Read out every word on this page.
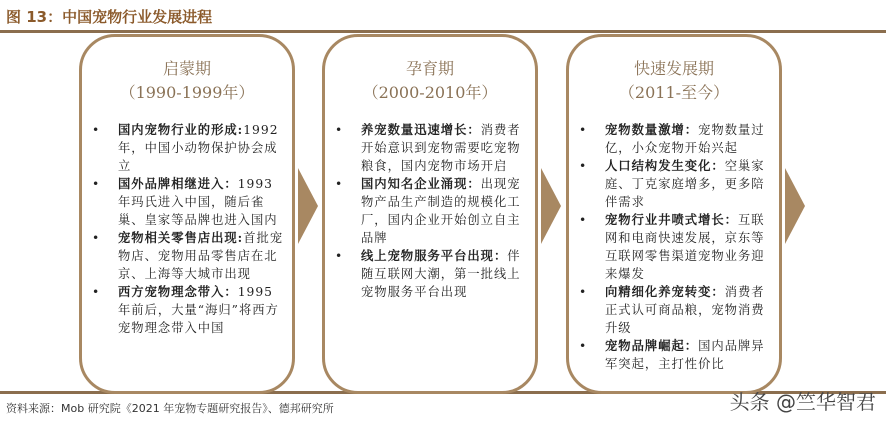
图 13：中国宠物行业发展进程
启蒙期
（1990-1999年）
• 国内宠物行业的形成:1992年，中国小动物保护协会成立
• 国外品牌相继进入：1993年玛氏进入中国，随后雀巢、皇家等品牌也进入国内
• 宠物相关零售店出现:首批宠物店、宠物用品零售店在北京、上海等大城市出现
• 西方宠物理念带入：1995年前后，大量“海归”将西方宠物理念带入中国
孕育期
（2000-2010年）
• 养宠数量迅速增长：消费者开始意识到宠物需要吃宠物粮食，国内宠物市场开启
• 国内知名企业涌现：出现宠物产品生产制造的规模化工厂，国内企业开始创立自主品牌
• 线上宠物服务平台出现：伴随互联网大潮，第一批线上宠物服务平台出现
快速发展期
（2011-至今）
• 宠物数量激增：宠物数量过亿，小众宠物开始兴起
• 人口结构发生变化：空巢家庭、丁克家庭增多，更多陪伴需求
• 宠物行业井喷式增长：互联网和电商快速发展，京东等互联网零售渠道宠物业务迎来爆发
• 向精细化养宠转变：消费者正式认可商品粮，宠物消费升级
• 宠物品牌崛起：国内品牌异军突起，主打性价比
资料来源：Mob 研究院《2021 年宠物专题研究报告》、德邦研究所	头条 @竺华智君
